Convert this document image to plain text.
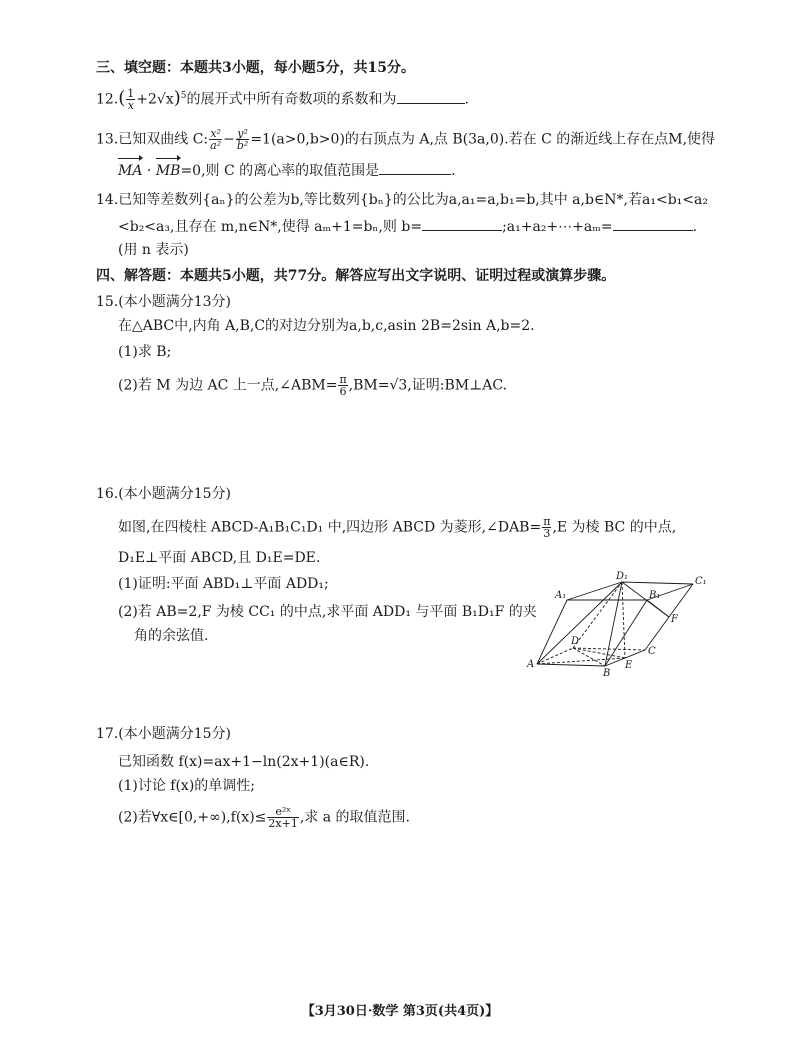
三、填空题：本题共3小题，每小题5分，共15分。
$12.( \frac{1}{x} +2√x)^5$的展开式中所有奇数项的系数和为	.
13.已知双曲线 C: $\frac{\text{x²}}{\text{a²}} - \frac{\text{y²}}{\text{b²}} =1(a>0,b>0)$的右顶点为 A,点 B(3a,0).若在 C 的渐近线上存在点M,使得
MA · MB=0,则 C 的离心率的取值范围是	.
14.已知等差数列{aₙ}的公差为b,等比数列{bₙ}的公比为a,a₁=a,b₁=b,其中 a,b∈N*,若a₁<b₁<a₂
<b₂<a₃,且存在 m,n∈N*,使得 aₘ+1=bₙ,则 b=	;a₁+a₂+⋯+aₘ=	.
(用 n 表示)
四、解答题：本题共5小题，共77分。解答应写出文字说明、证明过程或演算步骤。
15.(本小题满分13分)
在△ABC中,内角 A,B,C的对边分别为a,b,c,asin 2B=2sin A,b=2.
(1)求 B;
(2)若 M 为边 AC 上一点,∠ABM= $\frac{\pi}{6} ,BM=√3$,证明:BM⊥AC.
16.(本小题满分15分)
如图,在四棱柱 ABCD-A₁B₁C₁D₁ 中,四边形 ABCD 为菱形,∠DAB= $\frac{\pi}{3} ,E$ 为棱 BC 的中点,
D₁E⊥平面 ABCD,且 D₁E=DE.
(1)证明:平面 ABD₁⊥平面 ADD₁;
(2)若 AB=2,F 为棱 CC₁ 的中点,求平面 ADD₁ 与平面 B₁D₁F 的夹
角的余弦值.
D₁	C₁
A₁	B₁
F
D
C
A	E
B
17.(本小题满分15分)
已知函数 f(x)=ax+1−ln(2x+1)(a∈R).
(1)讨论 f(x)的单调性;
(2)若∀x∈[0,+∞),f(x)≤ $\frac{\text{e²ˣ}}{2x+1}$ ,求 a 的取值范围.
【3月30日·数学 第3页(共4页)】
